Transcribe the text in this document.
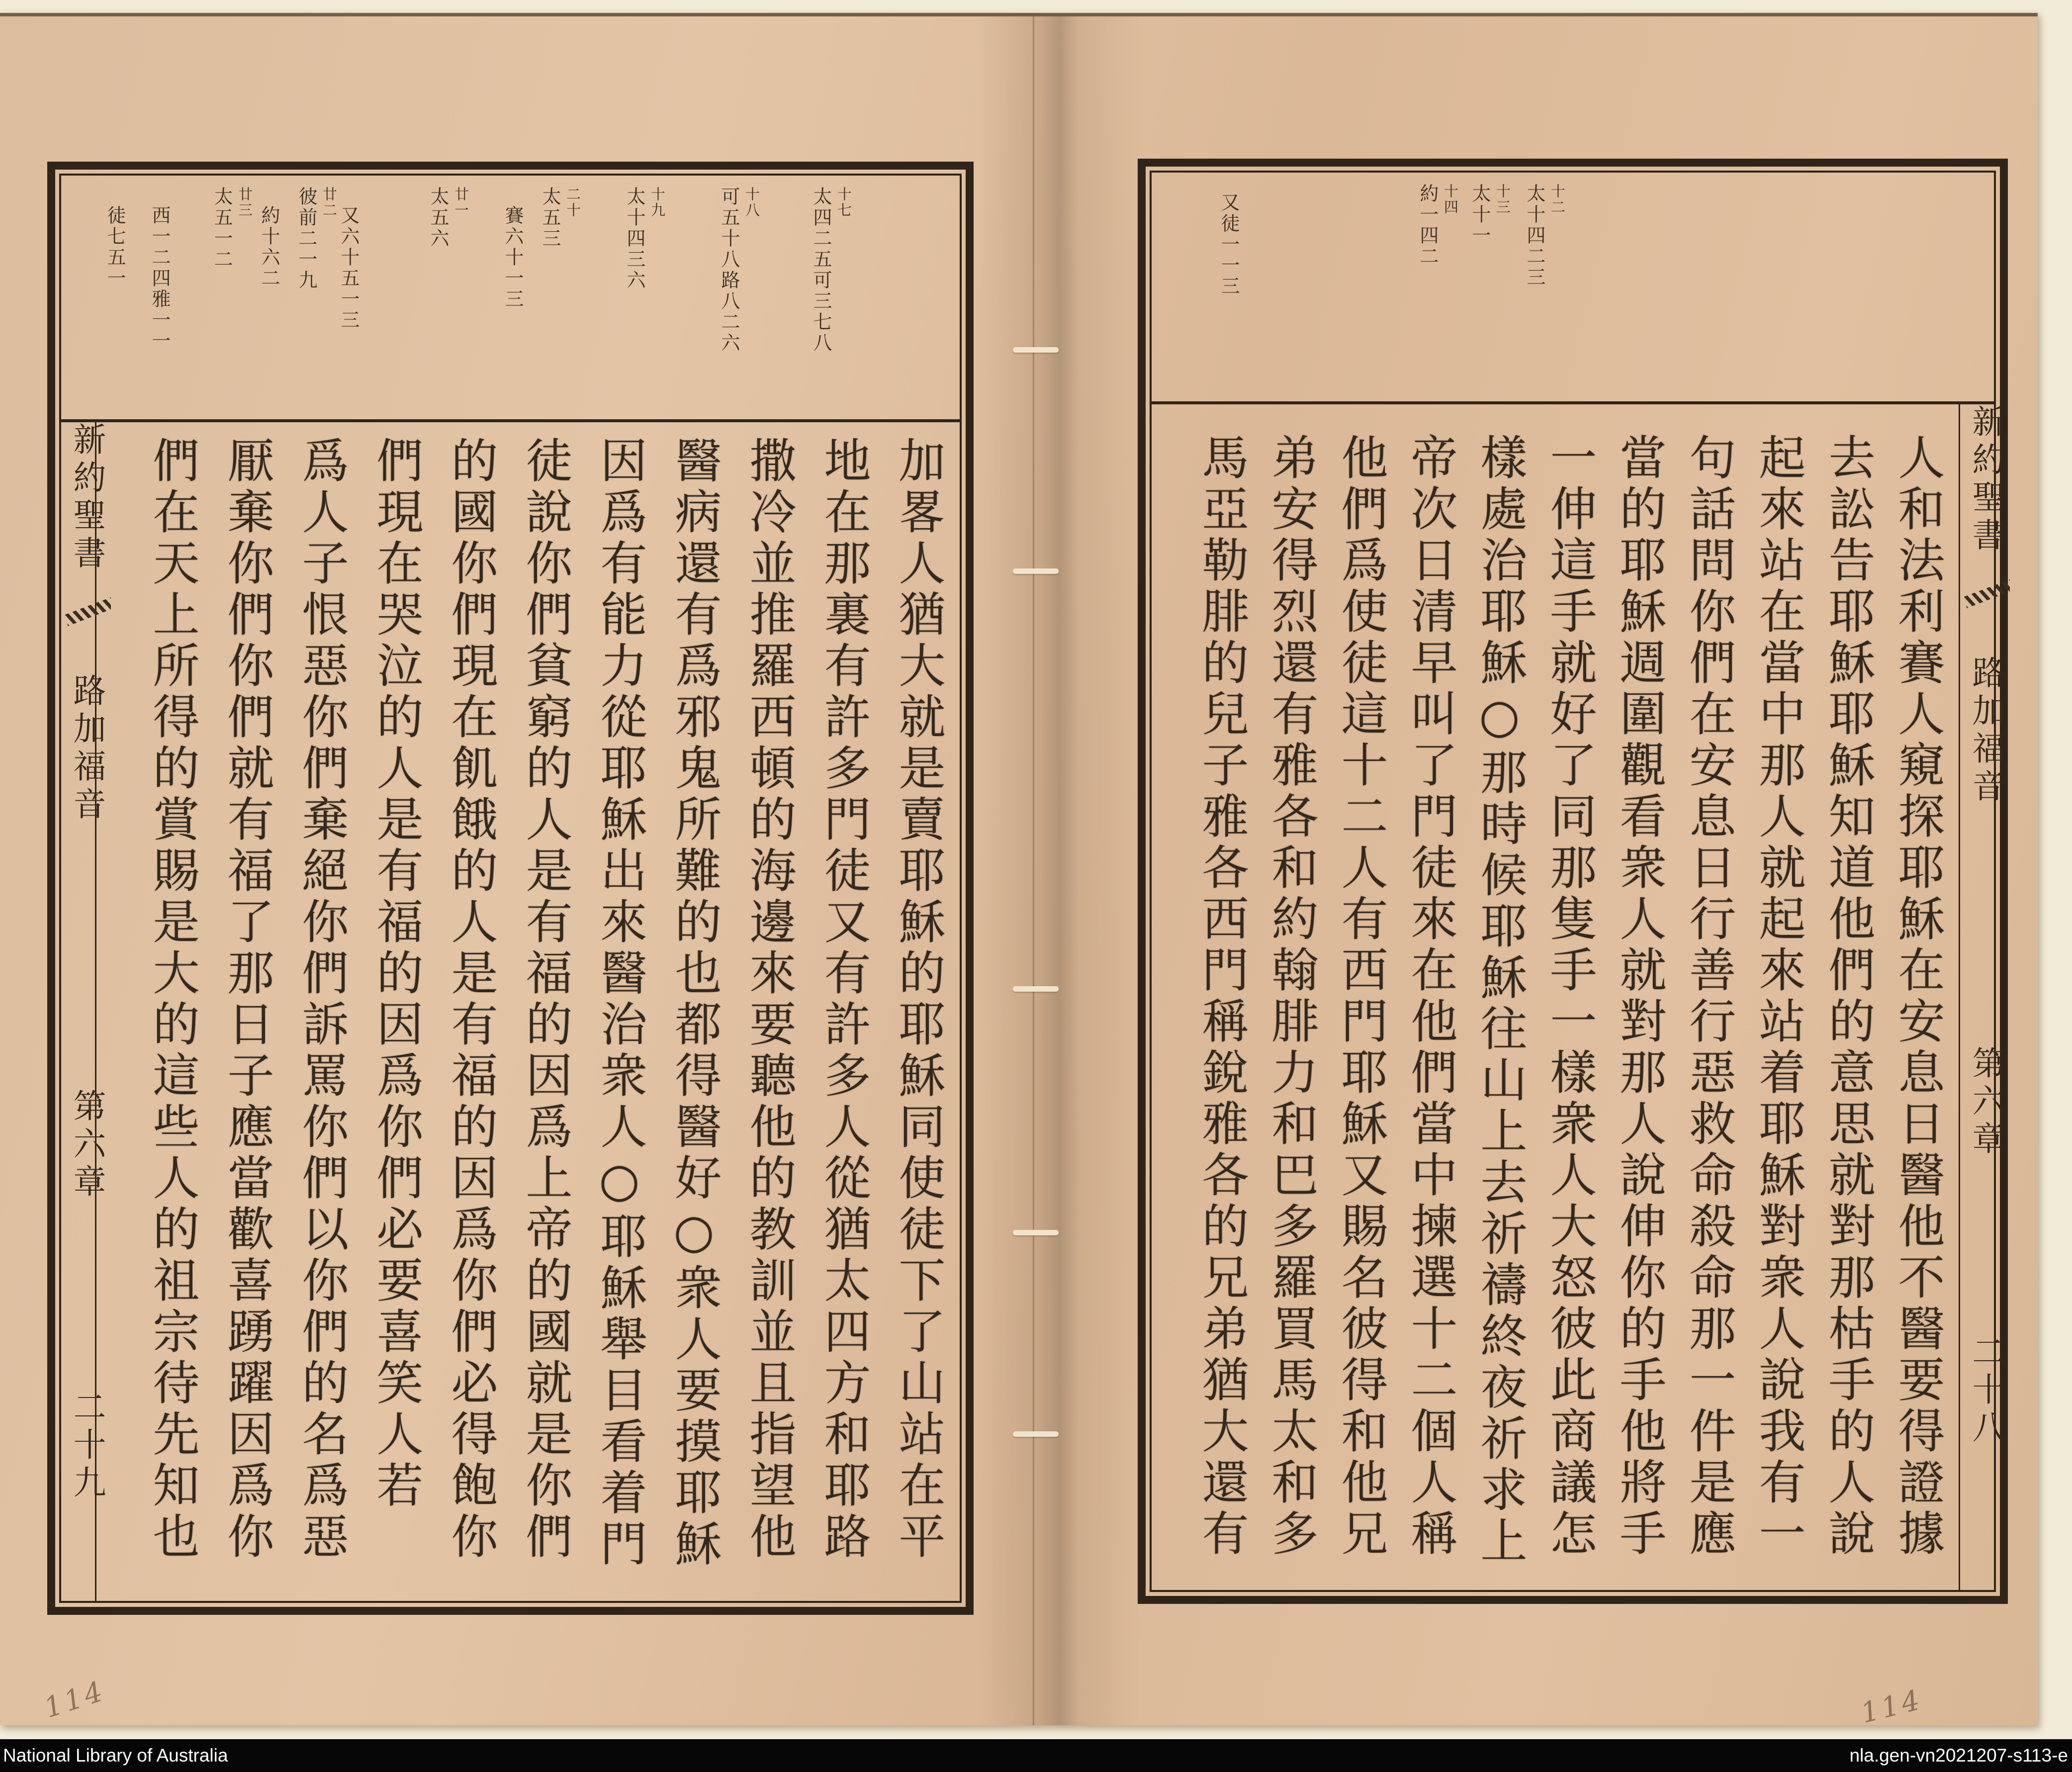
十七
太四二五可三七八
十八
可五十八路八二六
十九
太十四三六
二十
太五三
賽六十一三
廿一
太五六
又六十五一三
廿二
彼前二一九
約十六二
廿三
太五一二
西一二四雅一一
徒七五一
新約聖書
路加福音
第六章
二十九	加畧人猶大就是賣耶穌的耶穌同使徒下了山站在平
地在那裏有許多門徒又有許多人從猶太四方和耶路
撒冷並推羅西頓的海邊來要聽他的教訓並且指望他
醫病還有爲邪鬼所難的也都得醫好○衆人要摸耶穌
因爲有能力從耶穌出來醫治衆人○耶穌舉目看着門
徒說你們貧窮的人是有福的因爲上帝的國就是你們
的國你們現在飢餓的人是有福的因爲你們必得飽你
們現在哭泣的人是有福的因爲你們必要喜笑人若
爲人子恨惡你們棄絕你們訴罵你們以你們的名爲惡
厭棄你們你們就有福了那日子應當歡喜踴躍因爲你
們在天上所得的賞賜是大的這些人的祖宗待先知也
十二
太十四二三
十三
太十一
十四
約一四二
又徒一一三
人和法利賽人窺探耶穌在安息日醫他不醫要得證據
去訟告耶穌耶穌知道他們的意思就對那枯手的人說
起來站在當中那人就起來站着耶穌對衆人說我有一
句話問你們在安息日行善行惡救命殺命那一件是應
當的耶穌週圍觀看衆人就對那人說伸你的手他將手
一伸這手就好了同那隻手一樣衆人大怒彼此商議怎
樣處治耶穌○那時候耶穌往山上去祈禱終夜祈求上
帝次日清早叫了門徒來在他們當中揀選十二個人稱
他們爲使徒這十二人有西門耶穌又賜名彼得和他兄
弟安得烈還有雅各和約翰腓力和巴多羅買馬太和多
馬亞勒腓的兒子雅各西門稱銳雅各的兄弟猶大還有	新約聖書
路加福音
第六章
二十八
114	114
National Library of Australia	nla.gen-vn2021207-s113-e
